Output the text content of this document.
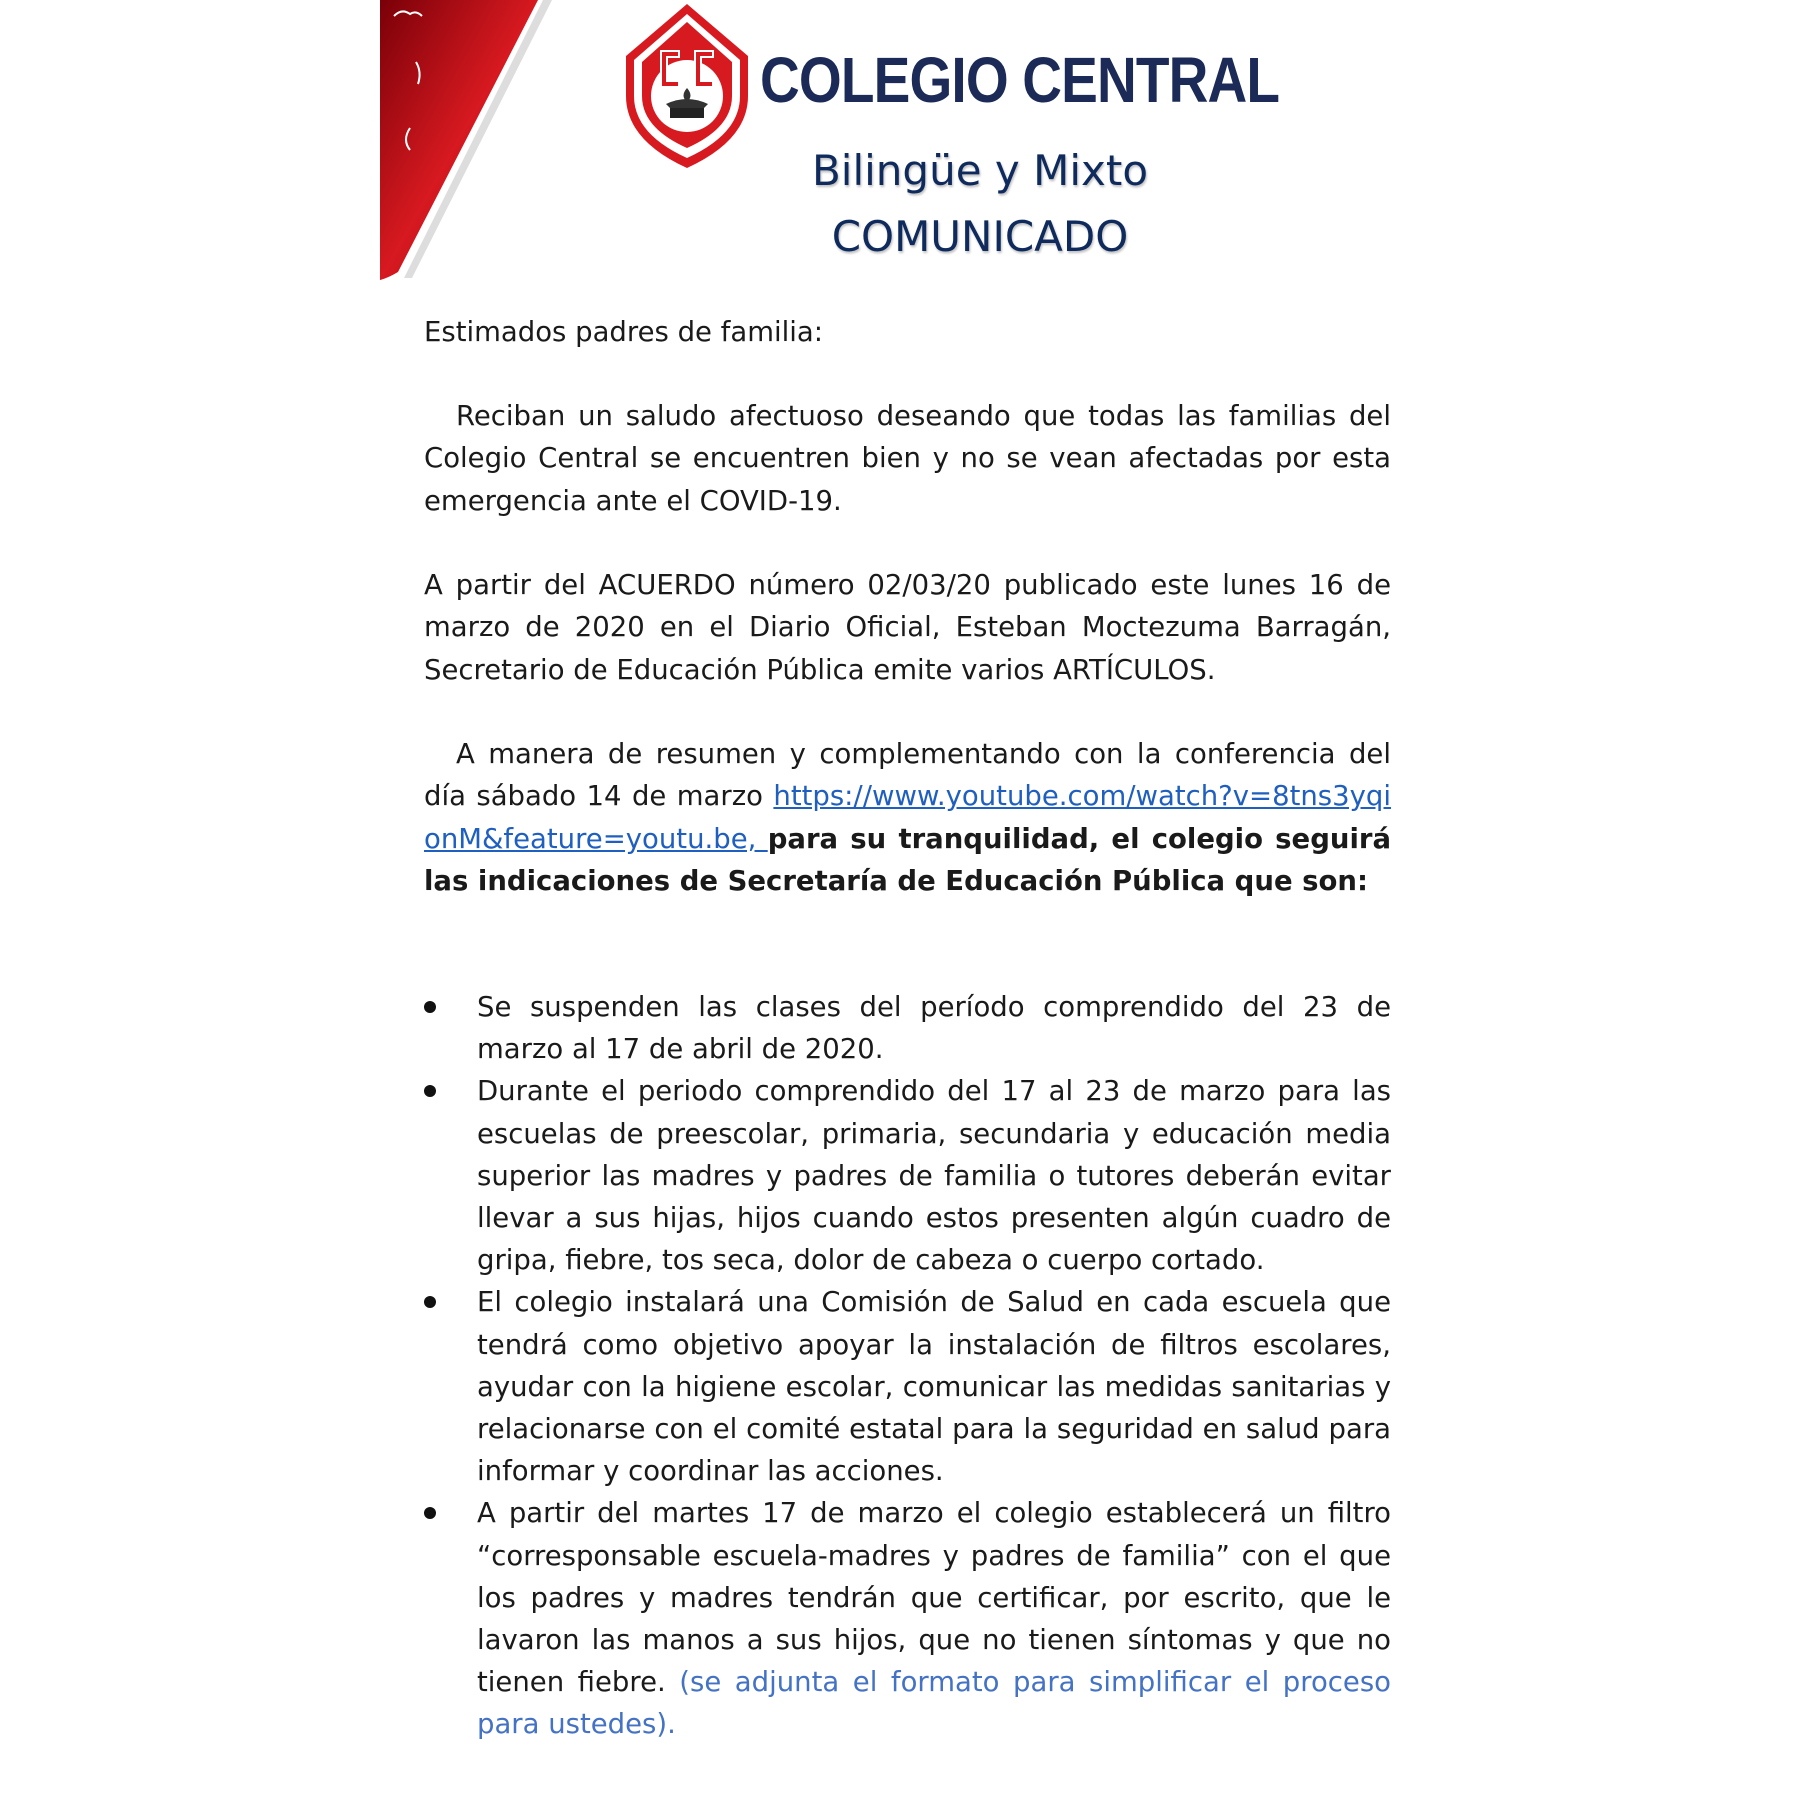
COLEGIO CENTRAL
Bilingüe y Mixto
COMUNICADO
Estimados padres de familia:
Reciban un saludo afectuoso deseando que todas las familias del Colegio Central se encuentren bien y no se vean afectadas por esta emergencia ante el COVID-19.
A partir del ACUERDO número 02/03/20 publicado este lunes 16 de marzo de 2020 en el Diario Oficial, Esteban Moctezuma Barragán, Secretario de Educación Pública emite varios ARTÍCULOS.
A manera de resumen y complementando con la conferencia del día sábado 14 de marzo https://www.youtube.com/watch?v=8tns3yqionM&feature=youtu.be, para su tranquilidad, el colegio seguirá las indicaciones de Secretaría de Educación Pública que son:
Se suspenden las clases del período comprendido del 23 de marzo al 17 de abril de 2020.
Durante el periodo comprendido del 17 al 23 de marzo para las escuelas de preescolar, primaria, secundaria y educación media superior las madres y padres de familia o tutores deberán evitar llevar a sus hijas, hijos cuando estos presenten algún cuadro de gripa, fiebre, tos seca, dolor de cabeza o cuerpo cortado.
El colegio instalará una Comisión de Salud en cada escuela que tendrá como objetivo apoyar la instalación de filtros escolares, ayudar con la higiene escolar, comunicar las medidas sanitarias y relacionarse con el comité estatal para la seguridad en salud para informar y coordinar las acciones.
A partir del martes 17 de marzo el colegio establecerá un filtro “corresponsable escuela-madres y padres de familia” con el que los padres y madres tendrán que certificar, por escrito, que le lavaron las manos a sus hijos, que no tienen síntomas y que no tienen fiebre. (se adjunta el formato para simplificar el proceso para ustedes).
